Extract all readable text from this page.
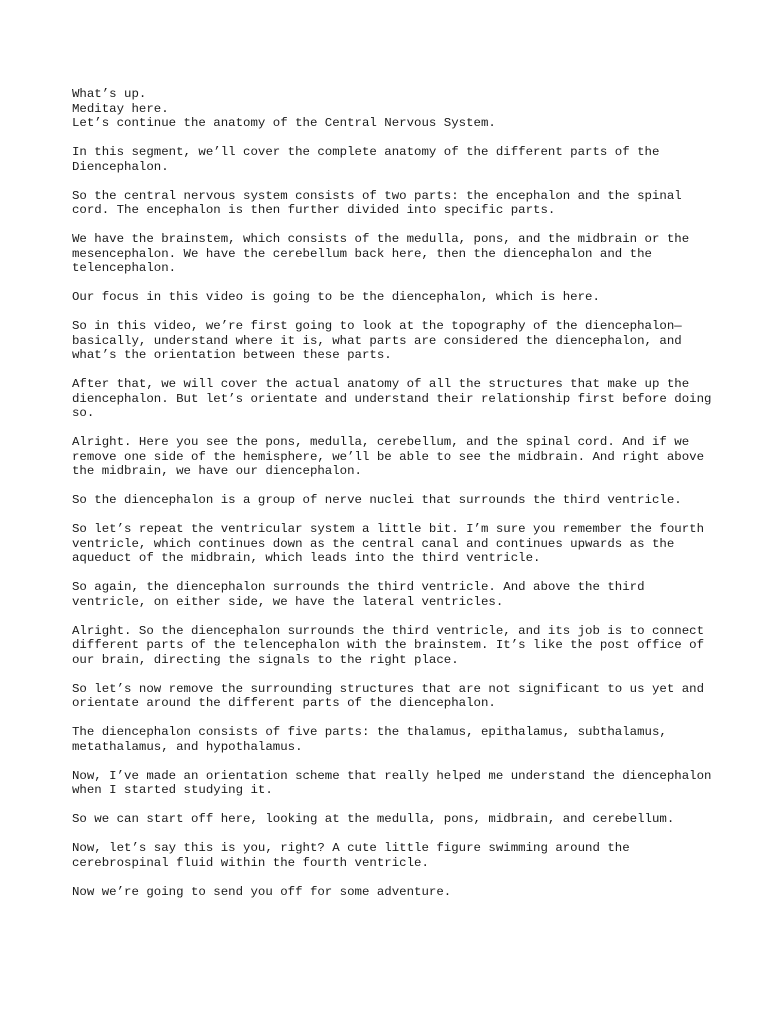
What’s up.

Meditay here.

Let’s continue the anatomy of the Central Nervous System.

In this segment, we’ll cover the complete anatomy of the different parts of the Diencephalon.

So the central nervous system consists of two parts: the encephalon and the spinal cord. The encephalon is then further divided into specific parts.

We have the brainstem, which consists of the medulla, pons, and the midbrain or the mesencephalon. We have the cerebellum back here, then the diencephalon and the telencephalon.

Our focus in this video is going to be the diencephalon, which is here.

So in this video, we’re first going to look at the topography of the diencephalon— basically, understand where it is, what parts are considered the diencephalon, and what’s the orientation between these parts.

After that, we will cover the actual anatomy of all the structures that make up the diencephalon. But let’s orientate and understand their relationship first before doing so.

Alright. Here you see the pons, medulla, cerebellum, and the spinal cord. And if we remove one side of the hemisphere, we’ll be able to see the midbrain. And right above the midbrain, we have our diencephalon.

So the diencephalon is a group of nerve nuclei that surrounds the third ventricle.

So let’s repeat the ventricular system a little bit. I’m sure you remember the fourth ventricle, which continues down as the central canal and continues upwards as the aqueduct of the midbrain, which leads into the third ventricle.

So again, the diencephalon surrounds the third ventricle. And above the third ventricle, on either side, we have the lateral ventricles.

Alright. So the diencephalon surrounds the third ventricle, and its job is to connect different parts of the telencephalon with the brainstem. It’s like the post office of our brain, directing the signals to the right place.

So let’s now remove the surrounding structures that are not significant to us yet and orientate around the different parts of the diencephalon.

The diencephalon consists of five parts: the thalamus, epithalamus, subthalamus, metathalamus, and hypothalamus.

Now, I’ve made an orientation scheme that really helped me understand the diencephalon when I started studying it.

So we can start off here, looking at the medulla, pons, midbrain, and cerebellum.

Now, let’s say this is you, right? A cute little figure swimming around the cerebrospinal fluid within the fourth ventricle.

Now we’re going to send you off for some adventure.
